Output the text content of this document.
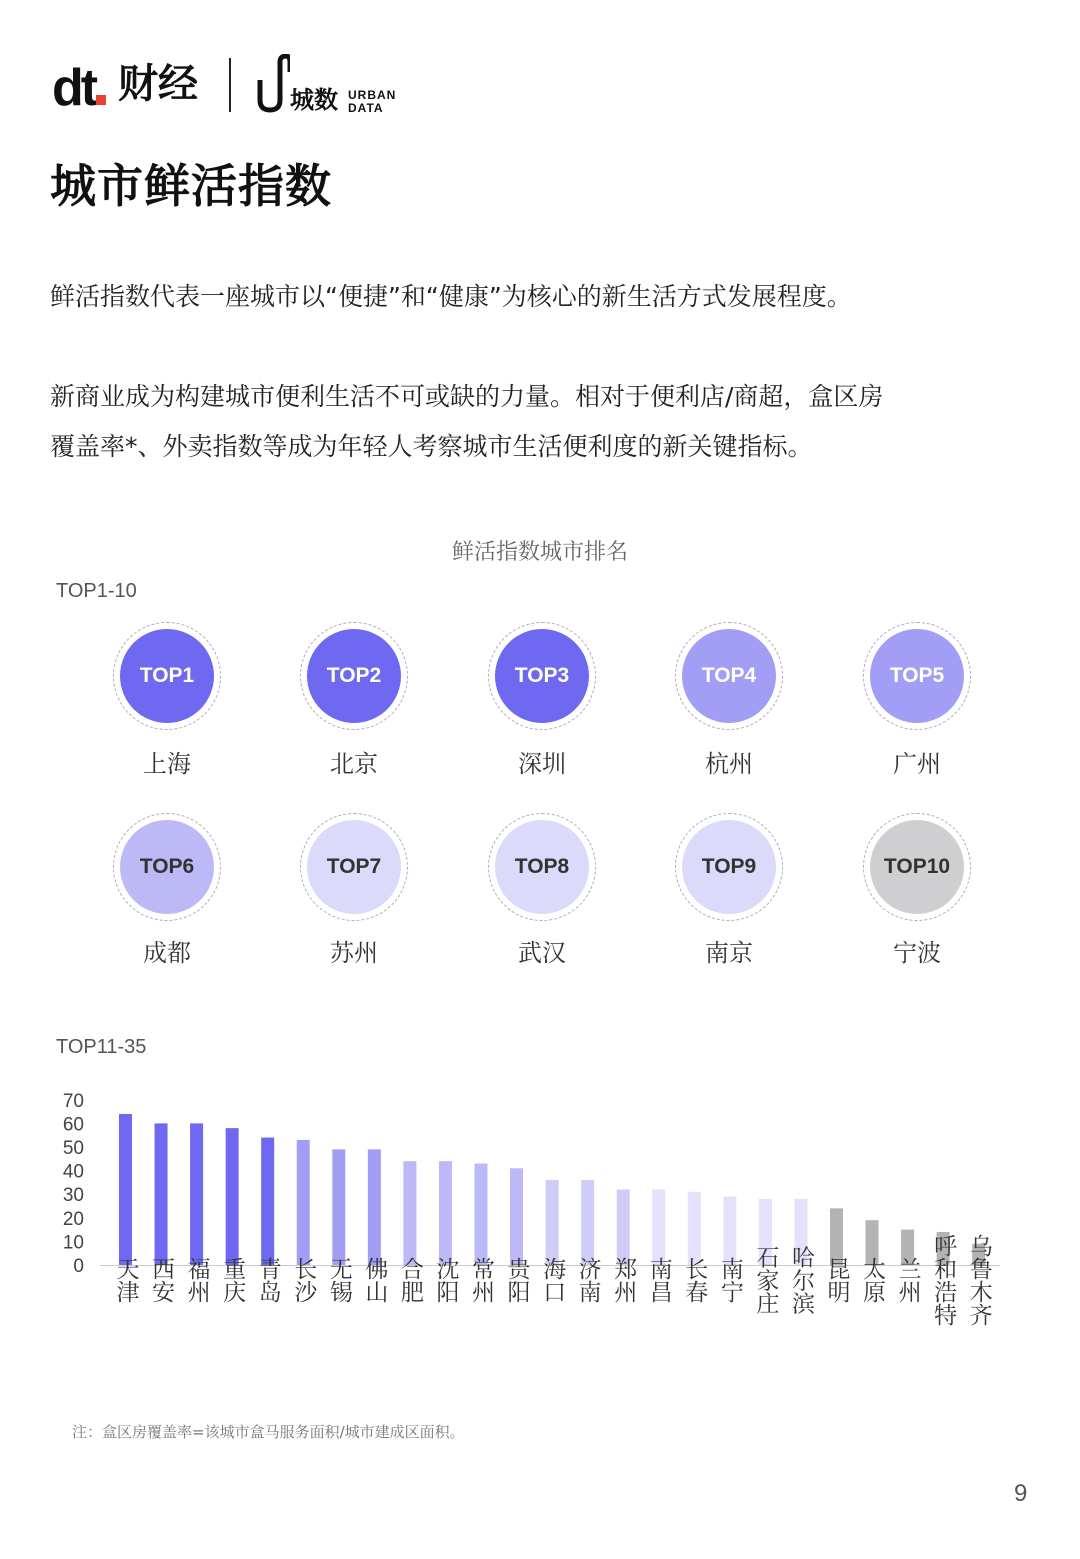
dt 财经	城数 URBAN
DATA
城市鲜活指数
鲜活指数代表一座城市以“便捷”和“健康”为核心的新生活方式发展程度。
新商业成为构建城市便利生活不可或缺的力量。相对于便利店/商超，盒区房
覆盖率*、外卖指数等成为年轻人考察城市生活便利度的新关键指标。
鲜活指数城市排名
TOP1-10
TOP1
上海
TOP2
北京
TOP3
深圳
TOP4
杭州
TOP5
广州
TOP6
成都
TOP7
苏州
TOP8
武汉
TOP9
南京
TOP10
宁波
TOP11-35
0
10
20
30
40
50
60
70
天津 西安 福州 重庆 青岛 长沙 无锡 佛山 合肥 沈阳 常州 贵阳 海口 济南 郑州 南昌 长春 南宁 石家庄 哈尔滨 昆明 太原 兰州 呼和浩特 乌鲁木齐
注：盒区房覆盖率=该城市盒马服务面积/城市建成区面积。
9
